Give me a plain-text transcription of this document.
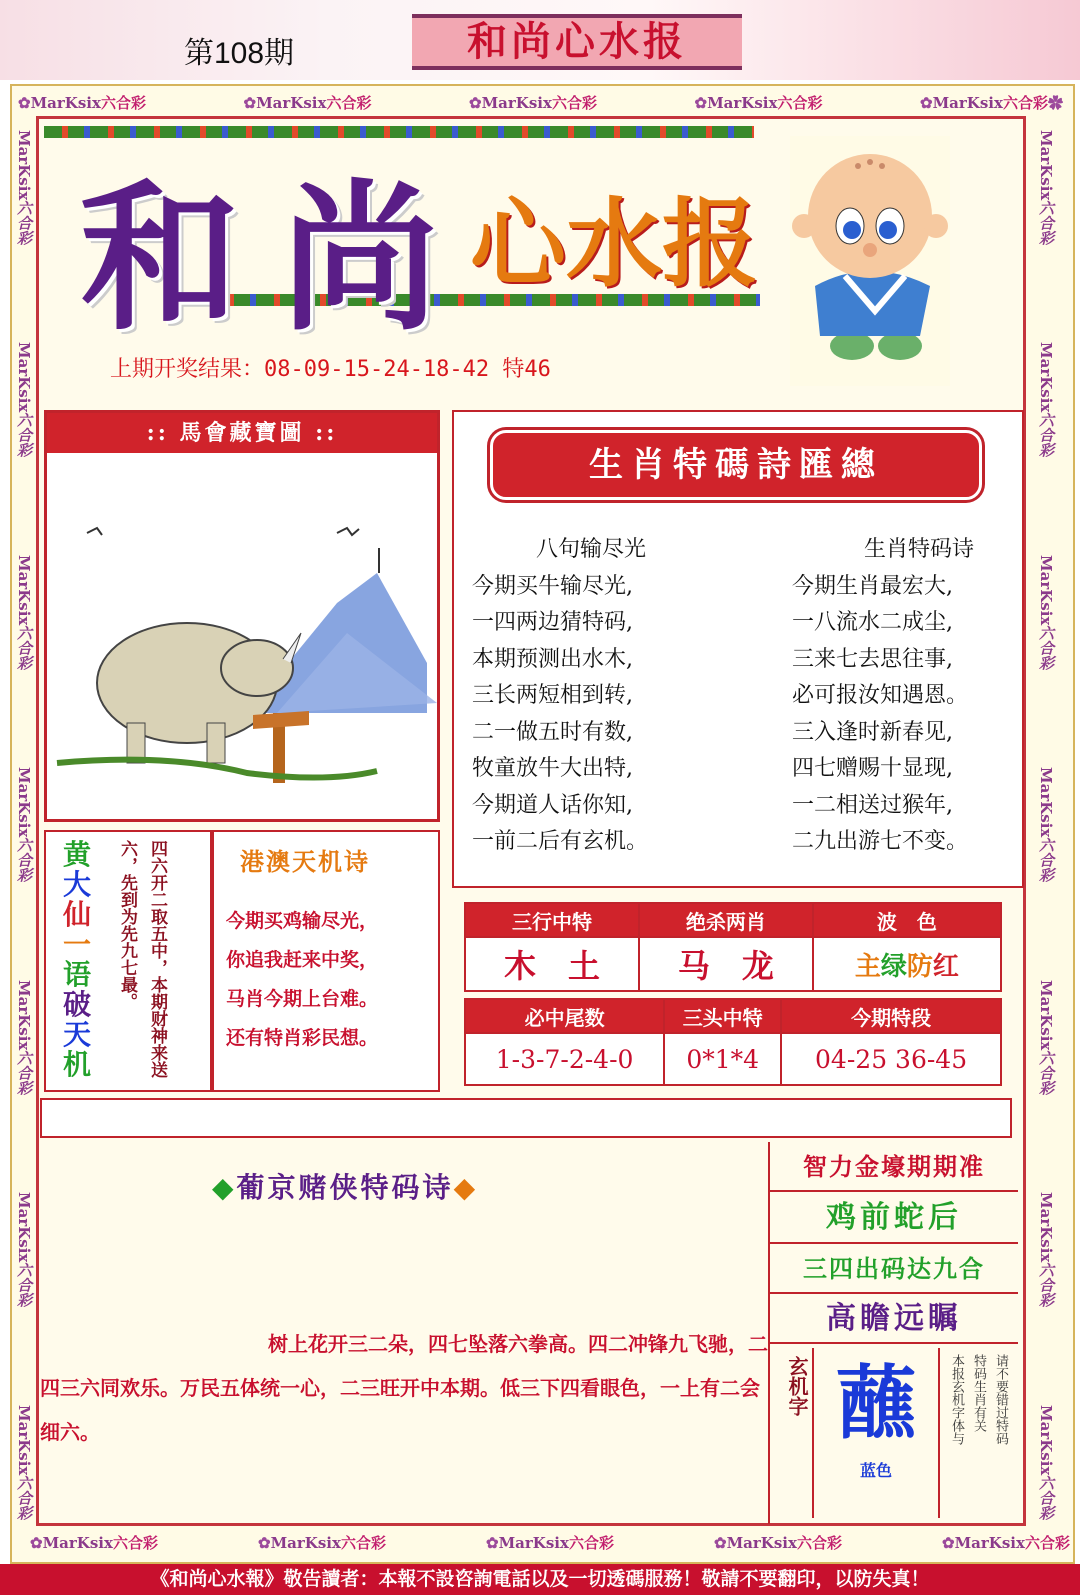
第108期	和尚心水报
✿MarKsix六合彩	✿MarKsix六合彩	✿MarKsix六合彩	✿MarKsix六合彩	✿MarKsix六合彩✿
✿MarKsix六合彩	✿MarKsix六合彩	✿MarKsix六合彩	✿MarKsix六合彩	✿MarKsix六合彩
MarKsix六合彩
MarKsix六合彩
MarKsix六合彩
MarKsix六合彩
MarKsix六合彩
MarKsix六合彩
MarKsix六合彩
MarKsix六合彩
MarKsix六合彩
MarKsix六合彩
MarKsix六合彩
MarKsix六合彩
MarKsix六合彩
MarKsix六合彩
和 尚 心水报
上期开奖结果：08-09-15-24-18-42 特46
:: 馬會藏寶圖 ::
生肖特碼詩匯總
八句输尽光
今期买牛输尽光,
一四两边猜特码,
本期预测出水木,
三长两短相到转,
二一做五时有数,
牧童放牛大出特,
今期道人话你知,
一前二后有玄机。
生肖特码诗
今期生肖最宏大,
一八流水二成尘,
三来七去思往事,
必可报汝知遇恩。
三入逢时新春见,
四七赠赐十显现,
一二相送过猴年,
二九出游七不变。
黄
大
仙
一
语
破
天
机	四六开二取五中，本期财神来送六，先到为先九七最。	港澳天机诗
今期买鸡输尽光，
你追我赶来中奖，
马肖今期上台难。
还有特肖彩民想。
三行中特	绝杀两肖	波　色
木　土	马　龙	主绿防红
必中尾数	三头中特	今期特段
1-3-7-2-4-0	0*1*4	04-25 36-45
◆葡京赌侠特码诗◆
树上花开三二朵，四七坠落六拳高。四二冲锋九飞驰，二四三六同欢乐。万民五体统一心，二三旺开中本期。低三下四看眼色，一上有二会细六。
智力金壕期期准
鸡前蛇后
三四出码达九合
高瞻远瞩
玄机字 蘸
蓝色
请不要错过特码
特码生肖有关
本报玄机字体与
《和尚心水報》敬告讀者：本報不設咨詢電話以及一切透碼服務！敬請不要翻印，以防失真！
